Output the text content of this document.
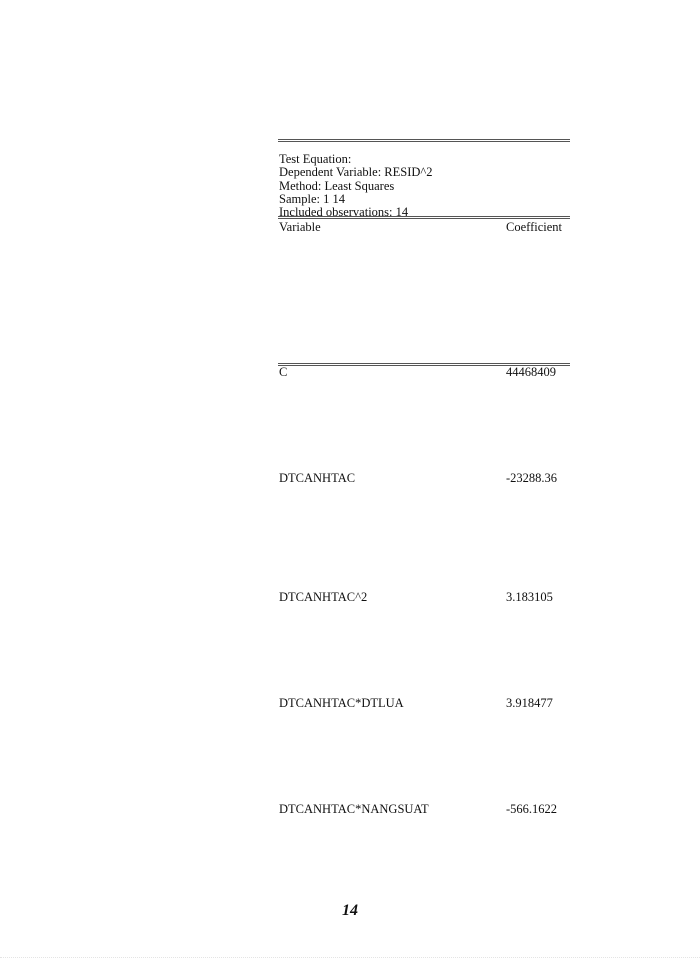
Test Equation:
Dependent Variable: RESID^2
Method: Least Squares
Sample: 1 14
Included observations: 14
Variable	Coefficient
C	44468409
DTCANHTAC	-23288.36
DTCANHTAC^2	3.183105
DTCANHTAC*DTLUA	3.918477
DTCANHTAC*NANGSUAT	-566.1622
14
